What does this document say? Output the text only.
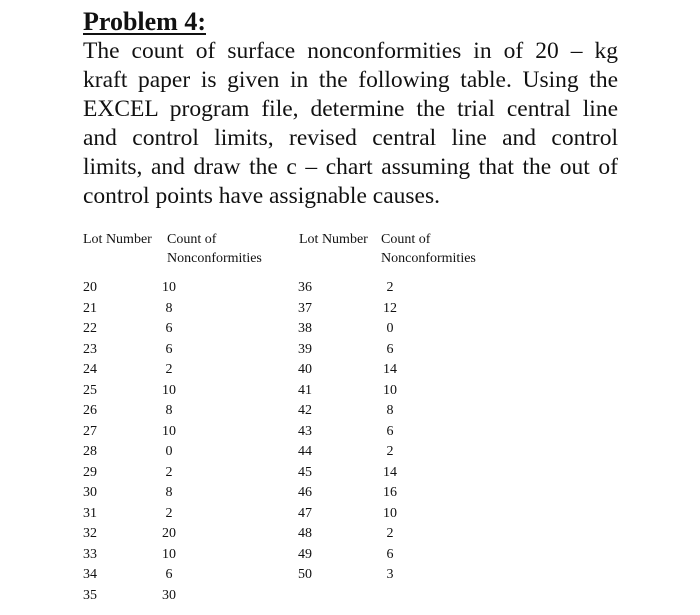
Problem 4:
The count of surface nonconformities in of 20 – kg
kraft paper is given in the following table. Using the
EXCEL program file, determine the trial central line
and control limits, revised central line and control
limits, and draw the c – chart assuming that the out of
control points have assignable causes.
Lot Number Count of
Nonconformities
Lot Number Count of
Nonconformities
20	10
21	8
22	6
23	6
24	2
25	10
26	8
27	10
28	0
29	2
30	8
31	2
32	20
33	10
34	6
35	30
36	2
37	12
38	0
39	6
40	14
41	10
42	8
43	6
44	2
45	14
46	16
47	10
48	2
49	6
50	3
